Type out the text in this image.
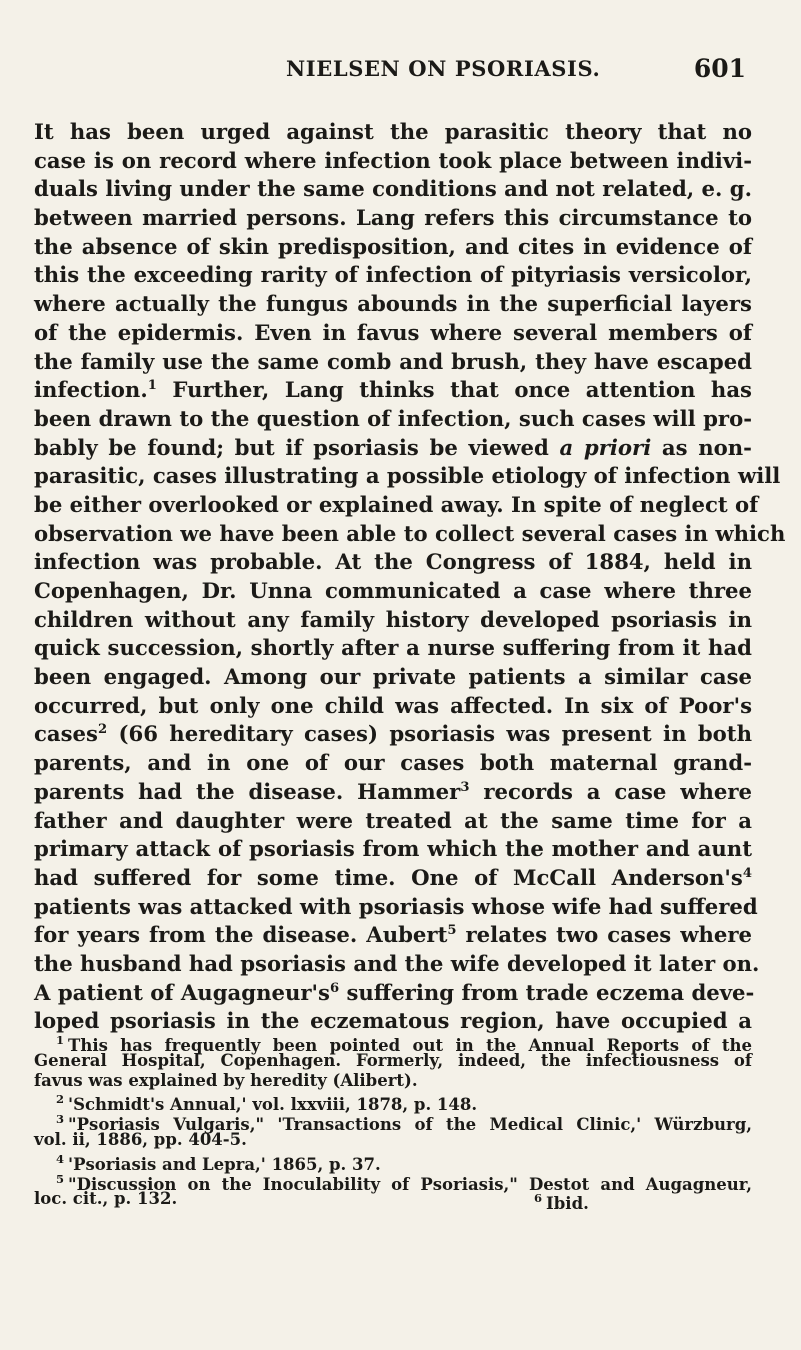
NIELSEN ON PSORIASIS.	601
It has been urged against the parasitic theory that no
case is on record where infection took place between indivi-
duals living under the same conditions and not related, e. g.
between married persons. Lang refers this circumstance to
the absence of skin predisposition, and cites in evidence of
this the exceeding rarity of infection of pityriasis versicolor,
where actually the fungus abounds in the superficial layers
of the epidermis. Even in favus where several members of
the family use the same comb and brush, they have escaped
infection.$^1$ Further, Lang thinks that once attention has
been drawn to the question of infection, such cases will pro-
bably be found; but if psoriasis be viewed a priori as non-
parasitic, cases illustrating a possible etiology of infection will
be either overlooked or explained away. In spite of neglect of
observation we have been able to collect several cases in which
infection was probable. At the Congress of 1884, held in
Copenhagen, Dr. Unna communicated a case where three
children without any family history developed psoriasis in
quick succession, shortly after a nurse suffering from it had
been engaged. Among our private patients a similar case
occurred, but only one child was affected. In six of Poor's
cases$^2$ (66 hereditary cases) psoriasis was present in both
parents, and in one of our cases both maternal grand-
parents had the disease. Hammer$^3$ records a case where
father and daughter were treated at the same time for a
primary attack of psoriasis from which the mother and aunt
had suffered for some time. One of McCall $Anderson's^4$
patients was attacked with psoriasis whose wife had suffered
for years from the disease. Aubert$^5$ relates two cases where
the husband had psoriasis and the wife developed it later on.
A patient of $Augagneur's^6$ suffering from trade eczema deve-
loped psoriasis in the eczematous region, have occupied a
$^1$ This has frequently been pointed out in the Annual Reports of the
General Hospital, Copenhagen. Formerly, indeed, the infectiousness of
favus was explained by heredity (Alibert).
$^2$ 'Schmidt's Annual,' vol. lxxviii, 1878, p. 148.
$^3$ "Psoriasis Vulgaris," 'Transactions of the Medical Clinic,' Würzburg,
vol. ii, 1886, pp. 404-5.
$^4$ 'Psoriasis and Lepra,' 1865, p. 37.
$^5$ "Discussion on the Inoculability of Psoriasis," Destot and Augagneur,
loc. cit., p. 132.	$^6$ Ibid.
